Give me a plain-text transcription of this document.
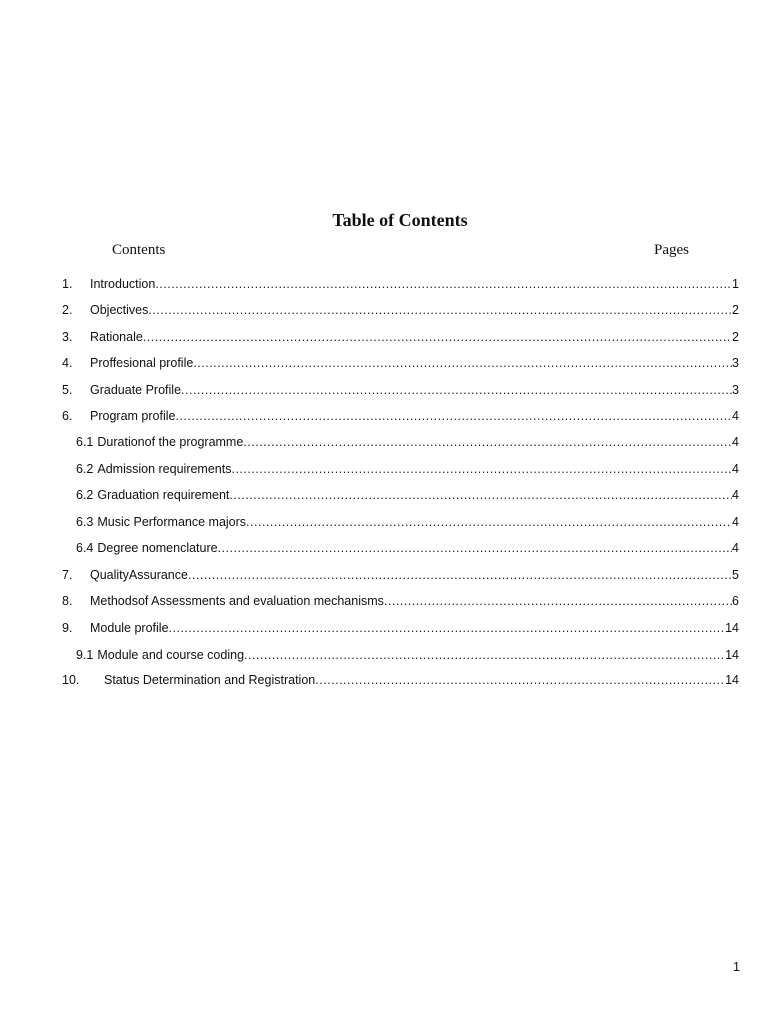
Table of Contents
Contents	Pages
1.	Introduction .....	1
2.	Objectives .....	2
3.	Rationale .....	2
4.	Proffesional profile .....	3
5.	Graduate Profile .....	3
6.	Program profile .....	4
6.1 Durationof the programme .....	4
6.2 Admission requirements .....	4
6.2 Graduation requirement .....	4
6.3 Music Performance majors .....	4
6.4 Degree nomenclature .....	4
7.	QualityAssurance .....	5
8.	Methodsof Assessments and evaluation mechanisms .....	6
9.	Module profile .....	14
9.1 Module and course coding .....	14
10.	Status Determination and Registration .....	14
1
